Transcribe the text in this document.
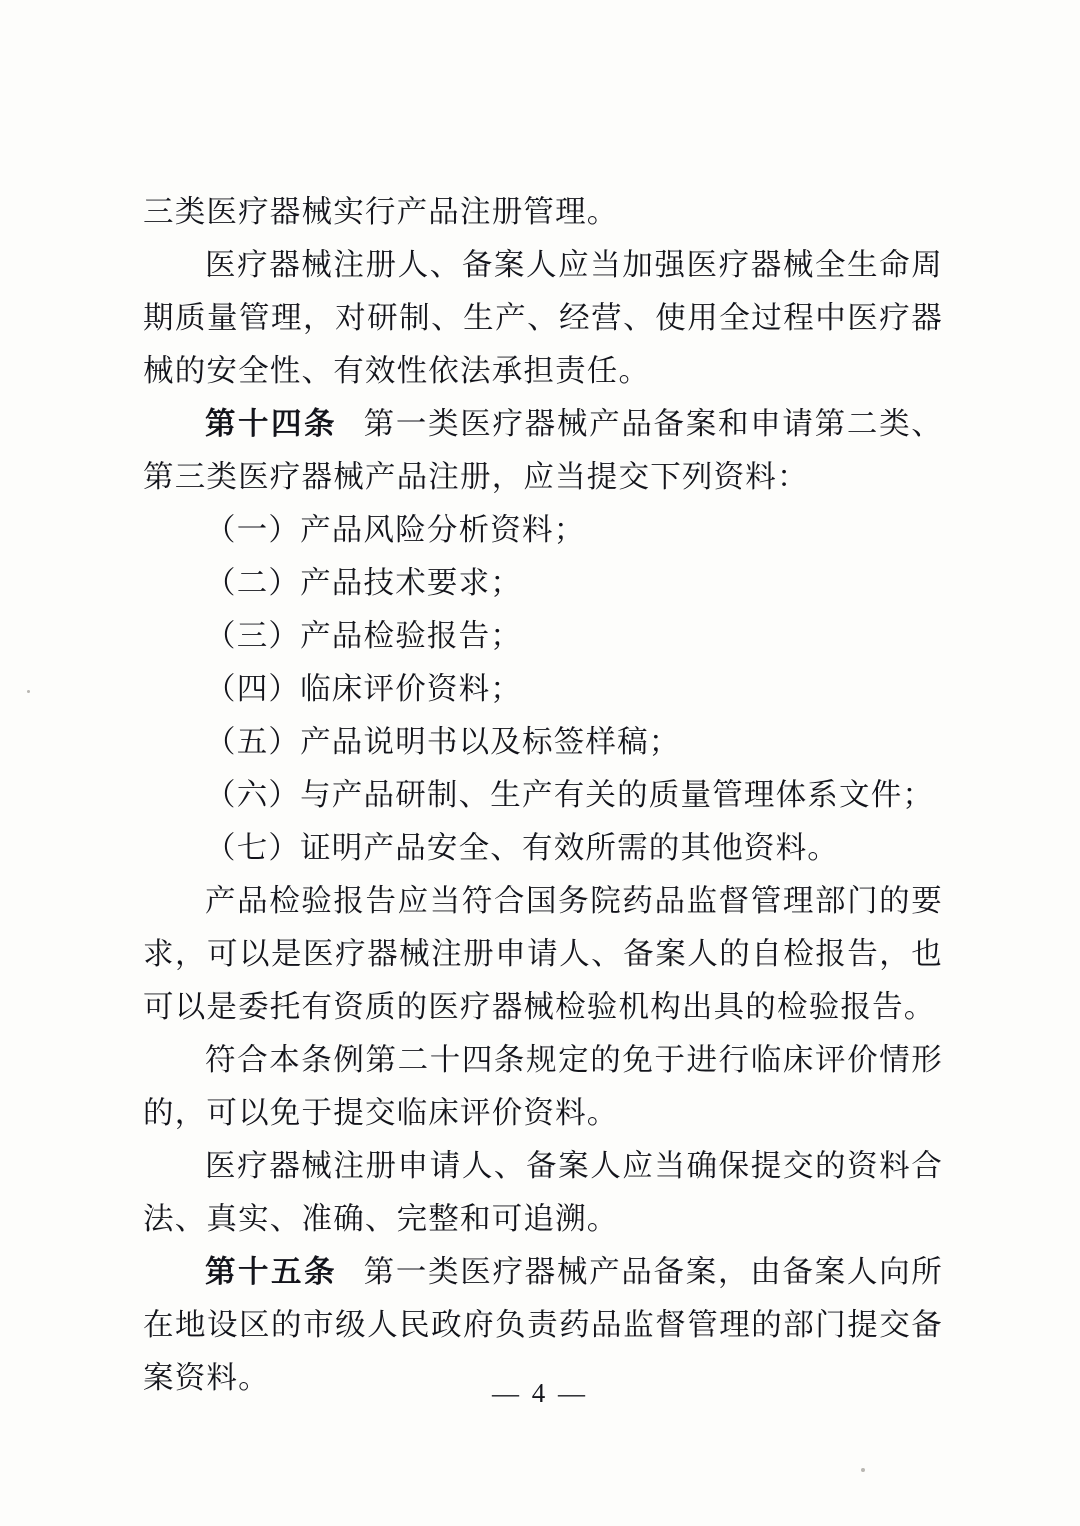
三类医疗器械实行产品注册管理。

医疗器械注册人、备案人应当加强医疗器械全生命周期质量管理，对研制、生产、经营、使用全过程中医疗器械的安全性、有效性依法承担责任。

第十四条 第一类医疗器械产品备案和申请第二类、第三类医疗器械产品注册，应当提交下列资料：

（一）产品风险分析资料；

（二）产品技术要求；

（三）产品检验报告；

（四）临床评价资料；

（五）产品说明书以及标签样稿；

（六）与产品研制、生产有关的质量管理体系文件；

（七）证明产品安全、有效所需的其他资料。

产品检验报告应当符合国务院药品监督管理部门的要求，可以是医疗器械注册申请人、备案人的自检报告，也可以是委托有资质的医疗器械检验机构出具的检验报告。

符合本条例第二十四条规定的免于进行临床评价情形的，可以免于提交临床评价资料。

医疗器械注册申请人、备案人应当确保提交的资料合法、真实、准确、完整和可追溯。

第十五条 第一类医疗器械产品备案，由备案人向所在地设区的市级人民政府负责药品监督管理的部门提交备案资料。	— 4 —
